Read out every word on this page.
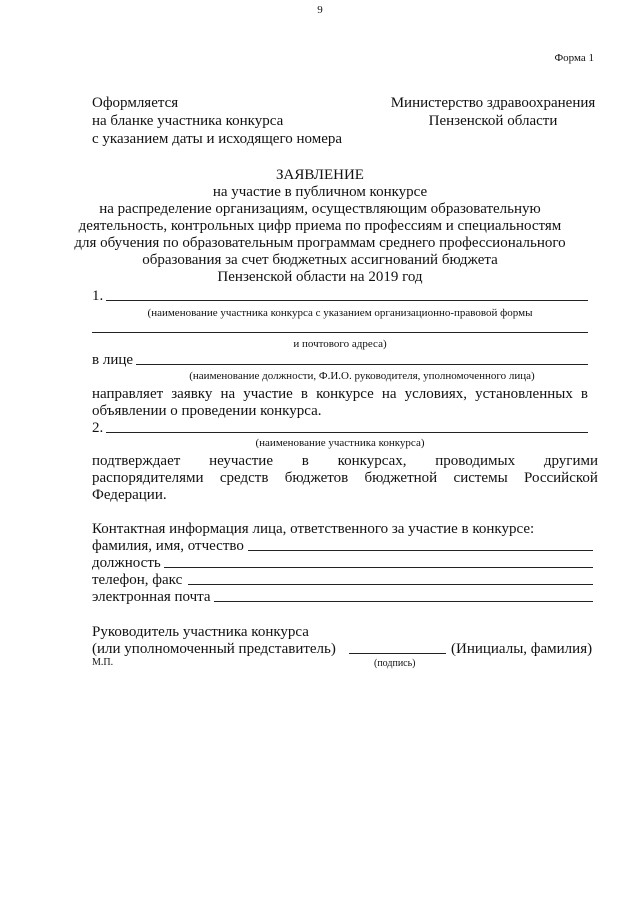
9
Форма 1
Оформляется
на бланке участника конкурса
с указанием даты и исходящего номера
Министерство здравоохранения
Пензенской области
ЗАЯВЛЕНИЕ
на участие в публичном конкурсе
на распределение организациям, осуществляющим образовательную
деятельность, контрольных цифр приема по профессиям и специальностям
для обучения по образовательным программам среднего профессионального
образования за счет бюджетных ассигнований бюджета
Пензенской области на 2019 год
1.
(наименование участника конкурса с указанием организационно-правовой формы
и почтового адреса)
в лице
(наименование должности, Ф.И.О. руководителя, уполномоченного лица)
направляет заявку на участие в конкурсе на условиях, установленных в
объявлении о проведении конкурса.
2.
(наименование участника конкурса)
подтверждает неучастие в конкурсах, проводимых другими
распорядителями средств бюджетов бюджетной системы Российской
Федерации.
Контактная информация лица, ответственного за участие в конкурсе:
фамилия, имя, отчество
должность
телефон, факс
электронная почта
Руководитель участника конкурса
(или уполномоченный представитель)	(Инициалы, фамилия)
М.П.	(подпись)
